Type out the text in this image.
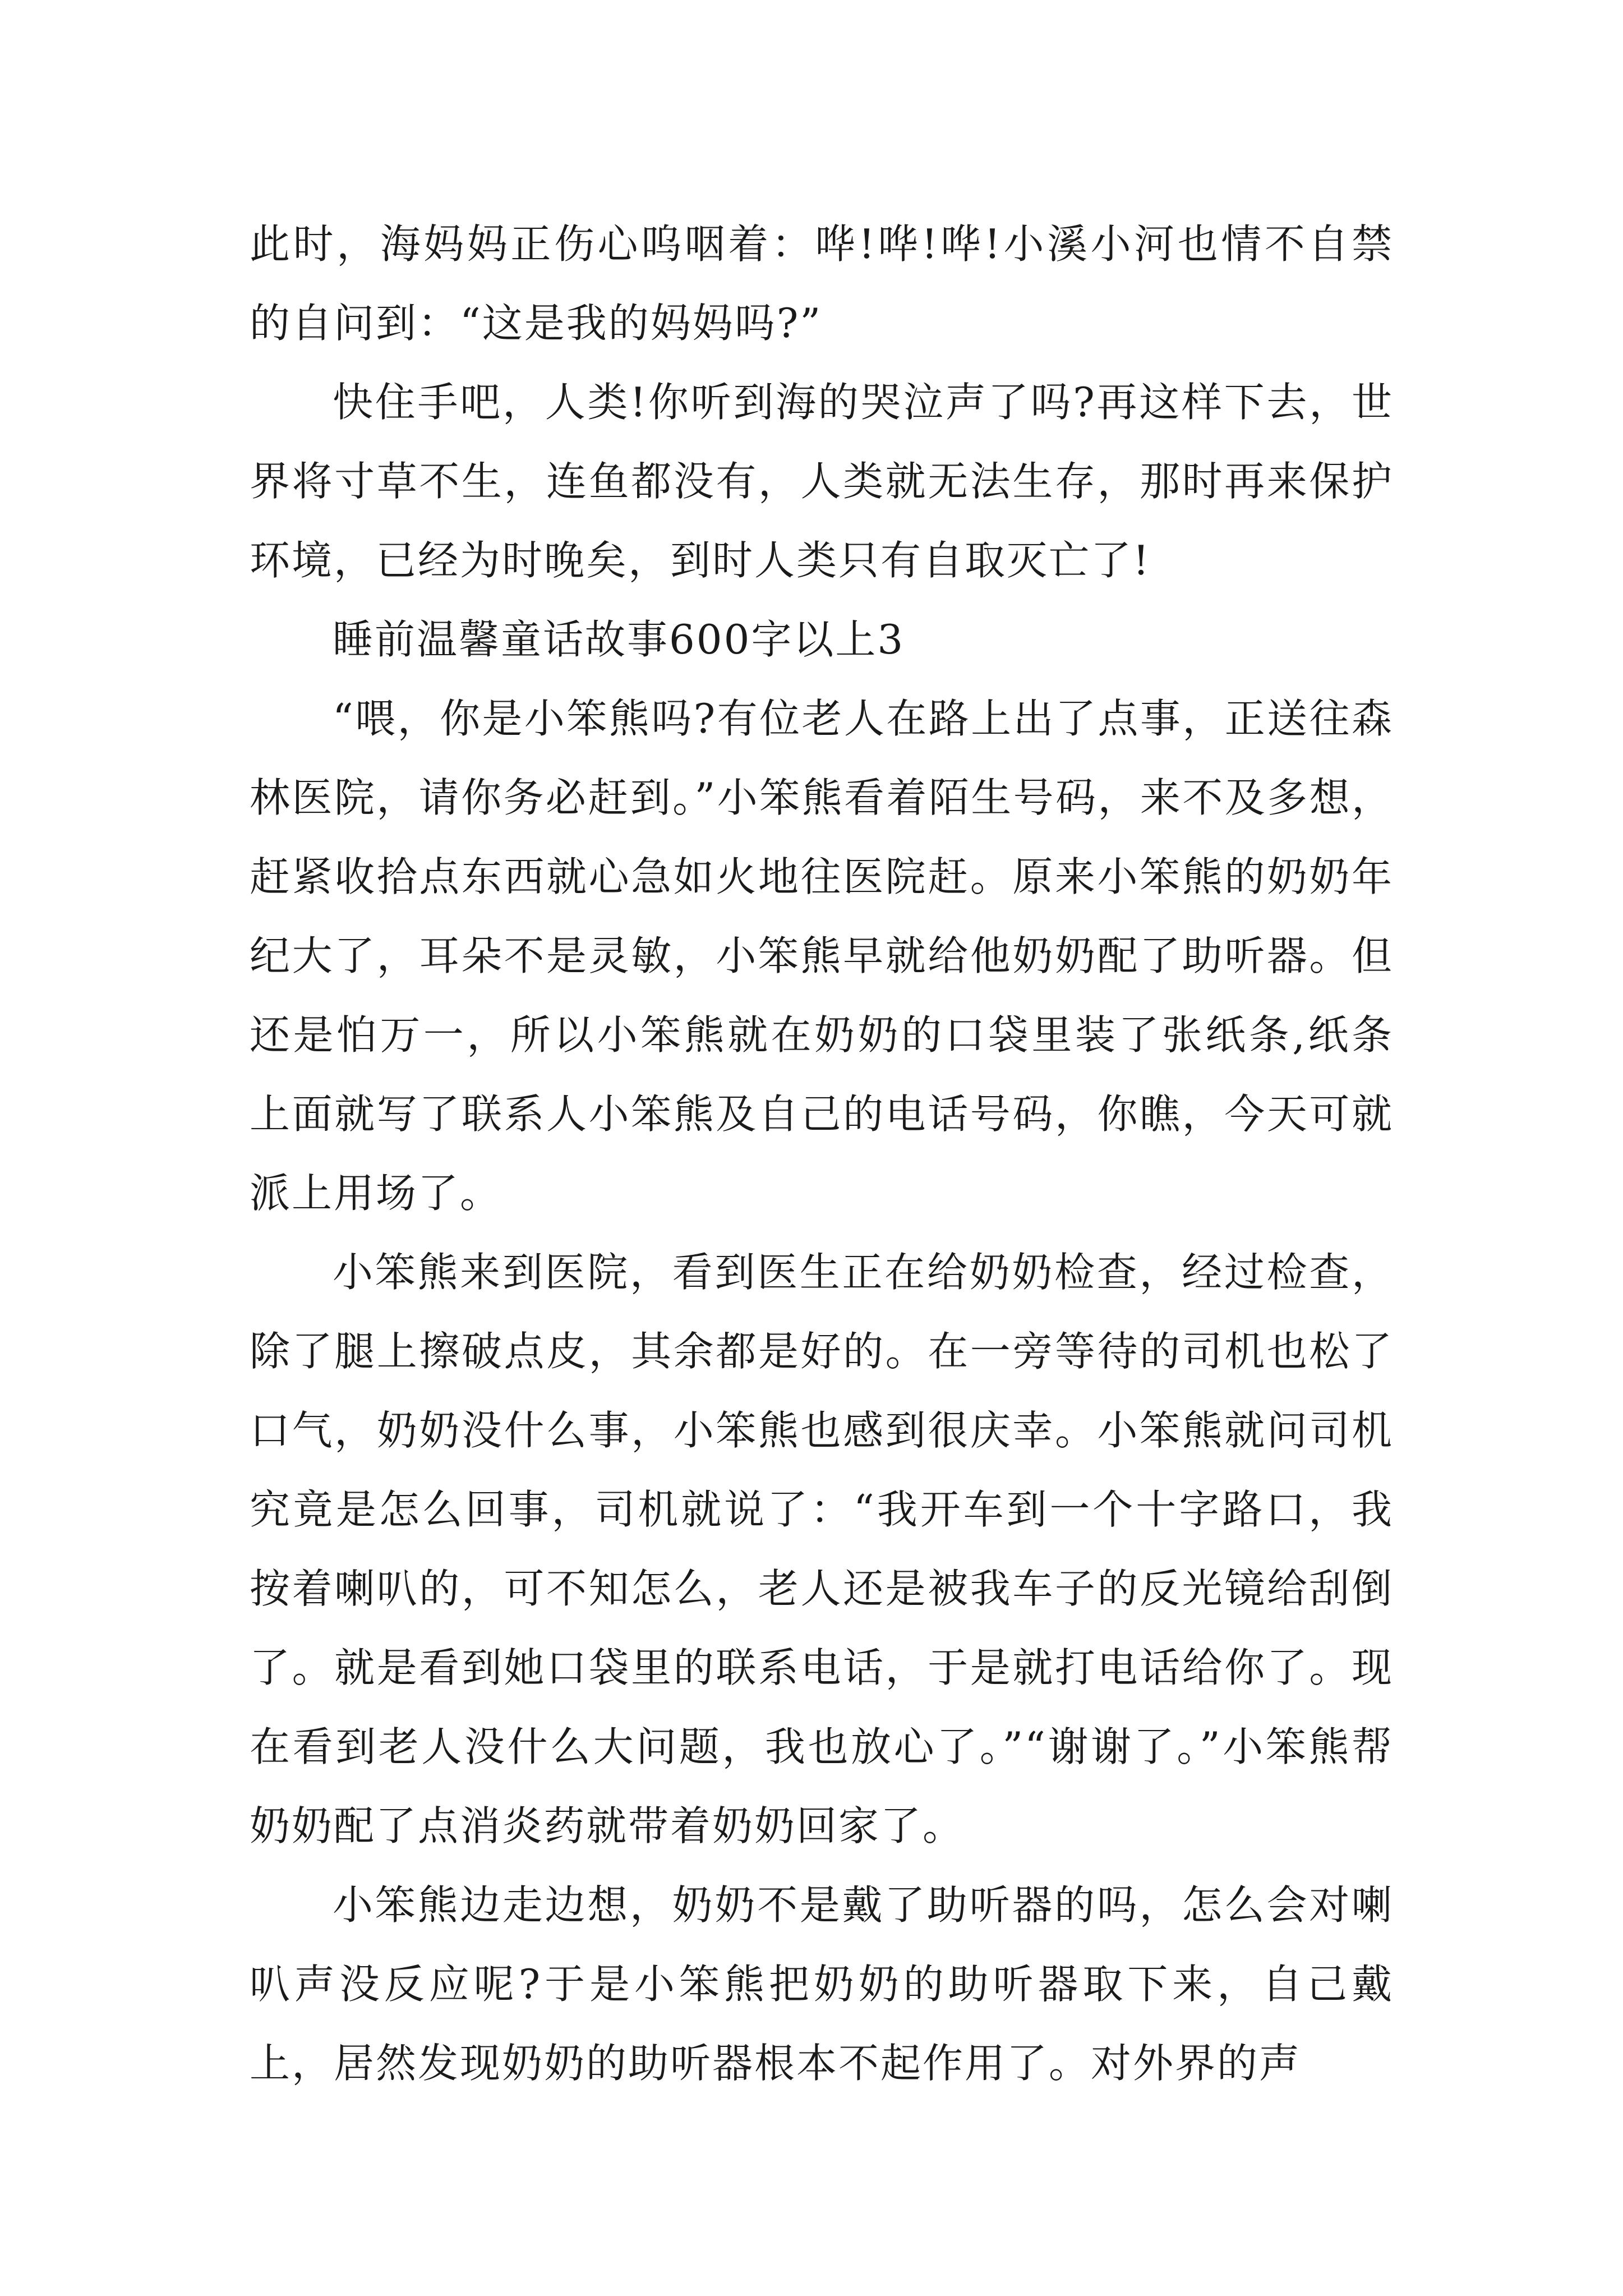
此时，海妈妈正伤心呜咽着：哗!哗!哗!小溪小河也情不自禁的自问到：“这是我的妈妈吗?”

快住手吧，人类!你听到海的哭泣声了吗?再这样下去，世界将寸草不生，连鱼都没有，人类就无法生存，那时再来保护环境，已经为时晚矣，到时人类只有自取灭亡了!

睡前温馨童话故事600字以上3

“喂，你是小笨熊吗?有位老人在路上出了点事，正送往森林医院，请你务必赶到。”小笨熊看着陌生号码，来不及多想，赶紧收拾点东西就心急如火地往医院赶。原来小笨熊的奶奶年纪大了，耳朵不是灵敏，小笨熊早就给他奶奶配了助听器。但还是怕万一，所以小笨熊就在奶奶的口袋里装了张纸条,纸条上面就写了联系人小笨熊及自己的电话号码，你瞧，今天可就派上用场了。

小笨熊来到医院，看到医生正在给奶奶检查，经过检查，除了腿上擦破点皮，其余都是好的。在一旁等待的司机也松了口气，奶奶没什么事，小笨熊也感到很庆幸。小笨熊就问司机究竟是怎么回事，司机就说了：“我开车到一个十字路口，我按着喇叭的，可不知怎么，老人还是被我车子的反光镜给刮倒了。就是看到她口袋里的联系电话，于是就打电话给你了。现在看到老人没什么大问题，我也放心了。”“谢谢了。”小笨熊帮奶奶配了点消炎药就带着奶奶回家了。

小笨熊边走边想，奶奶不是戴了助听器的吗，怎么会对喇叭声没反应呢?于是小笨熊把奶奶的助听器取下来，自己戴上，居然发现奶奶的助听器根本不起作用了。对外界的声
